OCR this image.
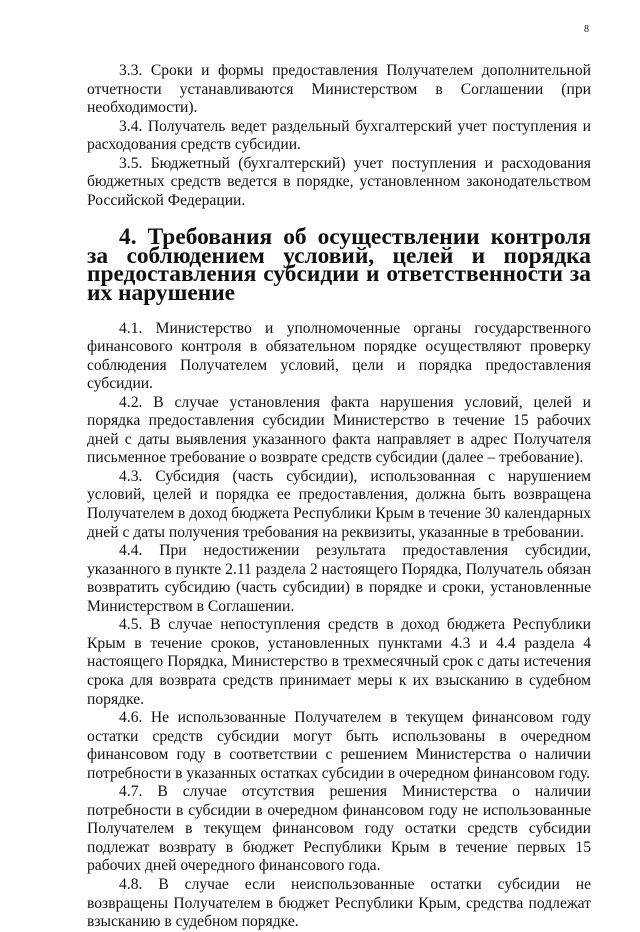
8

3.3. Сроки и формы предоставления Получателем дополнительной отчетности устанавливаются Министерством в Соглашении (при необходимости).

3.4. Получатель ведет раздельный бухгалтерский учет поступления и расходования средств субсидии.

3.5. Бюджетный (бухгалтерский) учет поступления и расходования бюджетных средств ведется в порядке, установленном законодательством Российской Федерации.

4. Требования об осуществлении контроля за соблюдением условий, целей и порядка предоставления субсидии и ответственности за их нарушение

4.1. Министерство и уполномоченные органы государственного финансового контроля в обязательном порядке осуществляют проверку соблюдения Получателем условий, цели и порядка предоставления субсидии.

4.2. В случае установления факта нарушения условий, целей и порядка предоставления субсидии Министерство в течение 15 рабочих дней с даты выявления указанного факта направляет в адрес Получателя письменное требование о возврате средств субсидии (далее – требование).

4.3. Субсидия (часть субсидии), использованная с нарушением условий, целей и порядка ее предоставления, должна быть возвращена Получателем в доход бюджета Республики Крым в течение 30 календарных дней с даты получения требования на реквизиты, указанные в требовании.

4.4. При недостижении результата предоставления субсидии, указанного в пункте 2.11 раздела 2 настоящего Порядка, Получатель обязан возвратить субсидию (часть субсидии) в порядке и сроки, установленные Министерством в Соглашении.

4.5. В случае непоступления средств в доход бюджета Республики Крым в течение сроков, установленных пунктами 4.3 и 4.4 раздела 4 настоящего Порядка, Министерство в трехмесячный срок с даты истечения срока для возврата средств принимает меры к их взысканию в судебном порядке.

4.6. Не использованные Получателем в текущем финансовом году остатки средств субсидии могут быть использованы в очередном финансовом году в соответствии с решением Министерства о наличии потребности в указанных остатках субсидии в очередном финансовом году.

4.7. В случае отсутствия решения Министерства о наличии потребности в субсидии в очередном финансовом году не использованные Получателем в текущем финансовом году остатки средств субсидии подлежат возврату в бюджет Республики Крым в течение первых 15 рабочих дней очередного финансового года.

4.8. В случае если неиспользованные остатки субсидии не возвращены Получателем в бюджет Республики Крым, средства подлежат взысканию в судебном порядке.
